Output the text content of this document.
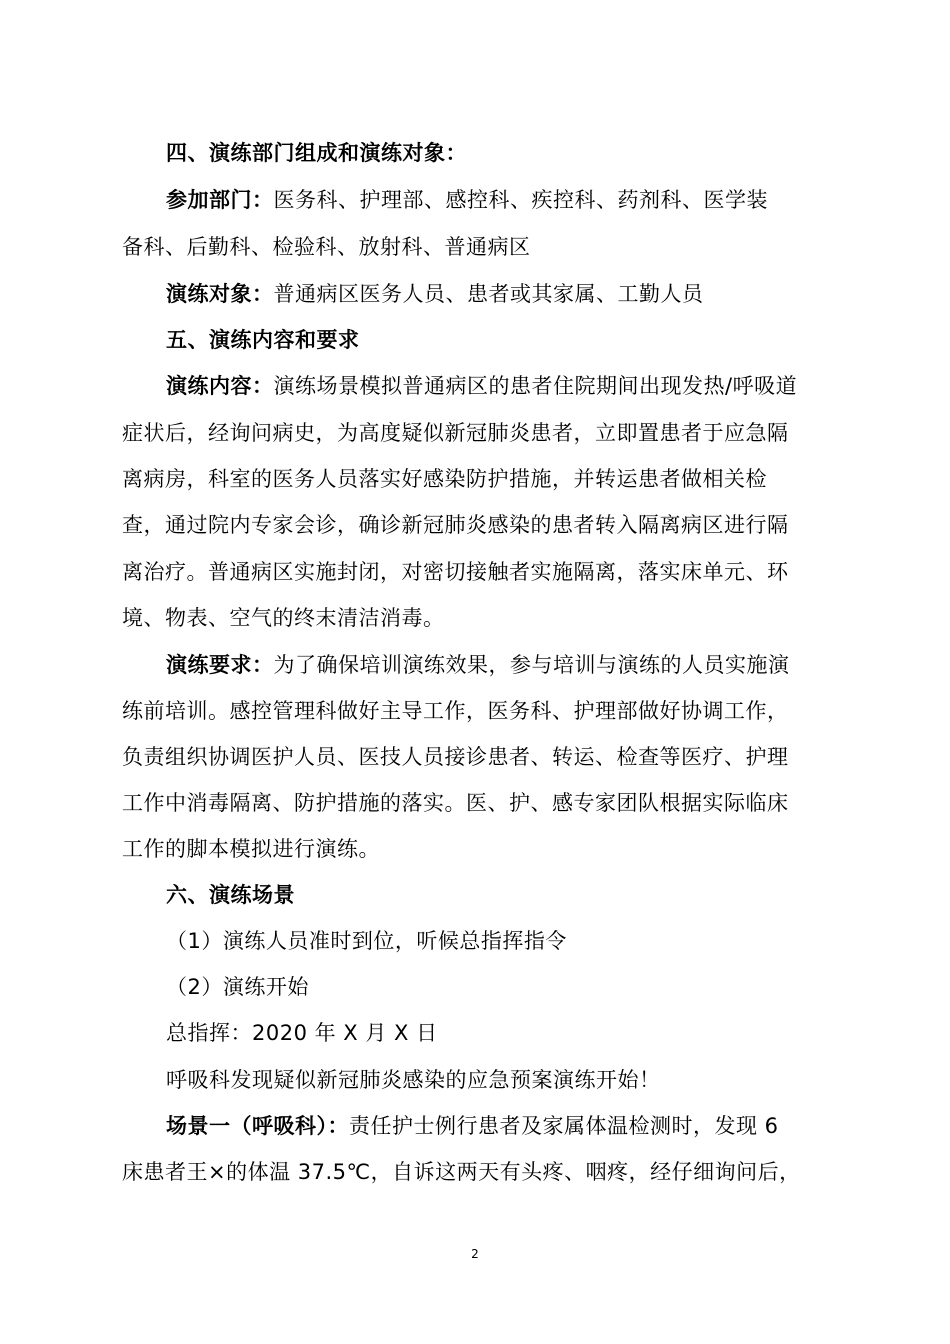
四、演练部门组成和演练对象：
参加部门：医务科、护理部、感控科、疾控科、药剂科、医学装
备科、后勤科、检验科、放射科、普通病区
演练对象：普通病区医务人员、患者或其家属、工勤人员
五、演练内容和要求
演练内容：演练场景模拟普通病区的患者住院期间出现发热/呼吸道
症状后，经询问病史，为高度疑似新冠肺炎患者，立即置患者于应急隔
离病房，科室的医务人员落实好感染防护措施，并转运患者做相关检
查，通过院内专家会诊，确诊新冠肺炎感染的患者转入隔离病区进行隔
离治疗。普通病区实施封闭，对密切接触者实施隔离，落实床单元、环
境、物表、空气的终末清洁消毒。
演练要求：为了确保培训演练效果，参与培训与演练的人员实施演
练前培训。感控管理科做好主导工作，医务科、护理部做好协调工作，
负责组织协调医护人员、医技人员接诊患者、转运、检查等医疗、护理
工作中消毒隔离、防护措施的落实。医、护、感专家团队根据实际临床
工作的脚本模拟进行演练。
六、演练场景
（1）演练人员准时到位，听候总指挥指令
（2）演练开始
总指挥：2020 年 X 月 X 日
呼吸科发现疑似新冠肺炎感染的应急预案演练开始！
场景一（呼吸科）：责任护士例行患者及家属体温检测时，发现 6
床患者王×的体温 37.5℃，自诉这两天有头疼、咽疼，经仔细询问后，
2
